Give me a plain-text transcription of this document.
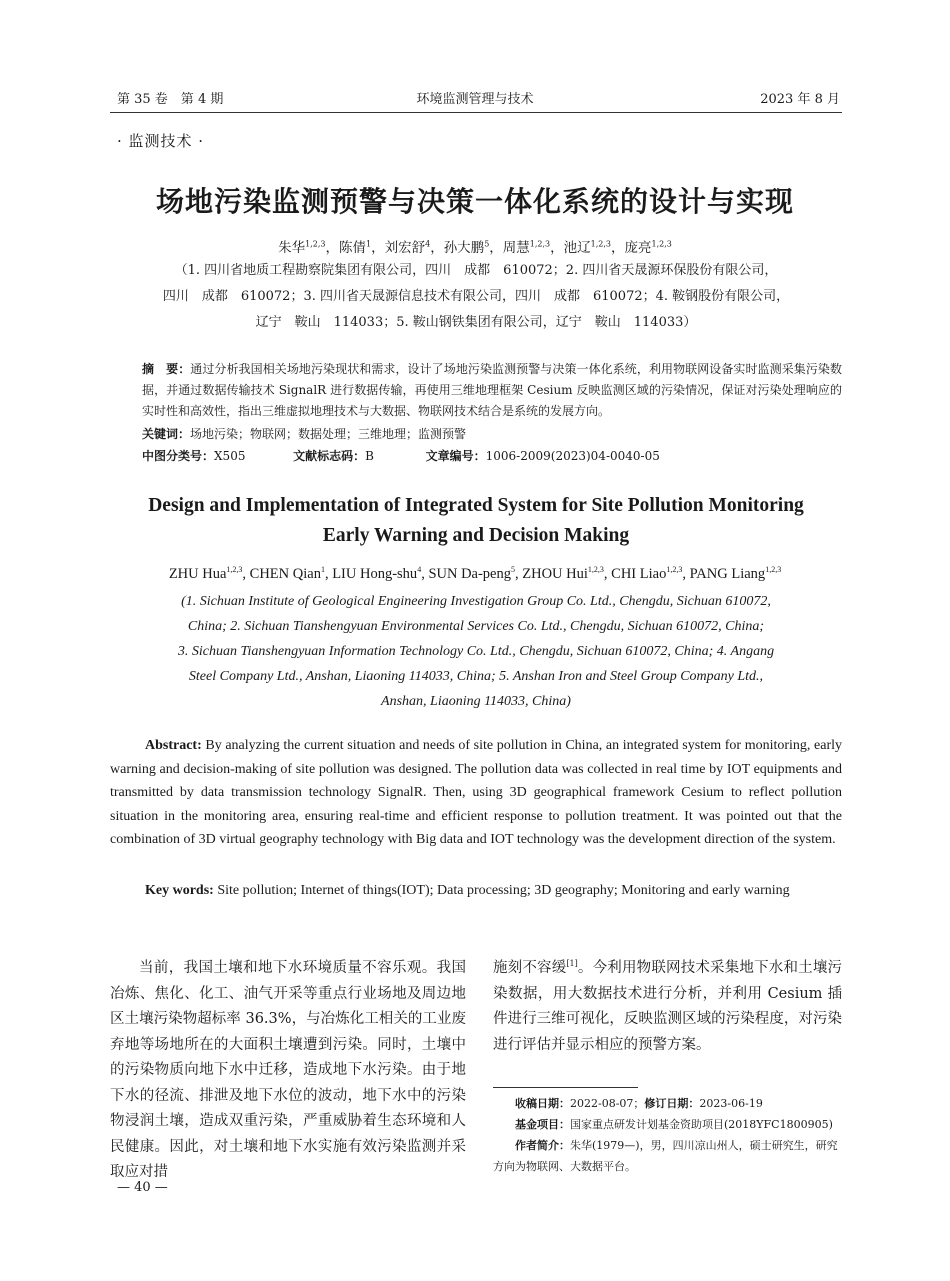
第 35 卷　第 4 期	环境监测管理与技术	2023 年 8 月
· 监测技术 ·
场地污染监测预警与决策一体化系统的设计与实现
朱华$^{1,2,3}$，陈倩$^1$，刘宏舒$^4$，孙大鹏$^5$，周慧$^{1,2,3}$，池辽$^{1,2,3}$，庞亮$^{1,2,3}$
（1. 四川省地质工程勘察院集团有限公司，四川　成都　610072；2. 四川省天晟源环保股份有限公司，
四川　成都　610072；3. 四川省天晟源信息技术有限公司，四川　成都　610072；4. 鞍钢股份有限公司，
辽宁　鞍山　114033；5. 鞍山钢铁集团有限公司，辽宁　鞍山　114033）
摘　要：通过分析我国相关场地污染现状和需求，设计了场地污染监测预警与决策一体化系统，利用物联网设备实时监测采集污染数据，并通过数据传输技术 SignalR 进行数据传输，再使用三维地理框架 Cesium 反映监测区域的污染情况，保证对污染处理响应的实时性和高效性，指出三维虚拟地理技术与大数据、物联网技术结合是系统的发展方向。
关键词：场地污染；物联网；数据处理；三维地理；监测预警
中图分类号：X505	文献标志码：B	文章编号：1006-2009(2023)04-0040-05
Design and Implementation of Integrated System for Site Pollution Monitoring
Early Warning and Decision Making
ZHU Hua$^{1,2,3}$, CHEN Qian$^1$, LIU Hong-shu$^4$, SUN Da-peng$^5$, ZHOU Hui$^{1,2,3}$, CHI Liao$^{1,2,3}$, PANG Liang$^{1,2,3}$
(1. Sichuan Institute of Geological Engineering Investigation Group Co. Ltd., Chengdu, Sichuan 610072,
China; 2. Sichuan Tianshengyuan Environmental Services Co. Ltd., Chengdu, Sichuan 610072, China;
3. Sichuan Tianshengyuan Information Technology Co. Ltd., Chengdu, Sichuan 610072, China; 4. Angang
Steel Company Ltd., Anshan, Liaoning 114033, China; 5. Anshan Iron and Steel Group Company Ltd.,
Anshan, Liaoning 114033, China)
Abstract: By analyzing the current situation and needs of site pollution in China, an integrated system for monitoring, early warning and decision-making of site pollution was designed. The pollution data was collected in real time by IOT equipments and transmitted by data transmission technology SignalR. Then, using 3D geographical framework Cesium to reflect pollution situation in the monitoring area, ensuring real-time and efficient response to pollution treatment. It was pointed out that the combination of 3D virtual geography technology with Big data and IOT technology was the development direction of the system.
Key words: Site pollution; Internet of things(IOT); Data processing; 3D geography; Monitoring and early warning
当前，我国土壤和地下水环境质量不容乐观。我国冶炼、焦化、化工、油气开采等重点行业场地及周边地区土壤污染物超标率 36.3%，与冶炼化工相关的工业废弃地等场地所在的大面积土壤遭到污染。同时，土壤中的污染物质向地下水中迁移，造成地下水污染。由于地下水的径流、排泄及地下水位的波动，地下水中的污染物浸润土壤，造成双重污染，严重威胁着生态环境和人民健康。因此，对土壤和地下水实施有效污染监测并采取应对措
施刻不容缓[1]。今利用物联网技术采集地下水和土壤污染数据，用大数据技术进行分析，并利用 Cesium 插件进行三维可视化，反映监测区域的污染程度，对污染进行评估并显示相应的预警方案。
收稿日期：2022-08-07；修订日期：2023-06-19
基金项目：国家重点研发计划基金资助项目(2018YFC1800905)
作者简介：朱华(1979—)，男，四川凉山州人，硕士研究生，研究方向为物联网、大数据平台。
— 40 —
